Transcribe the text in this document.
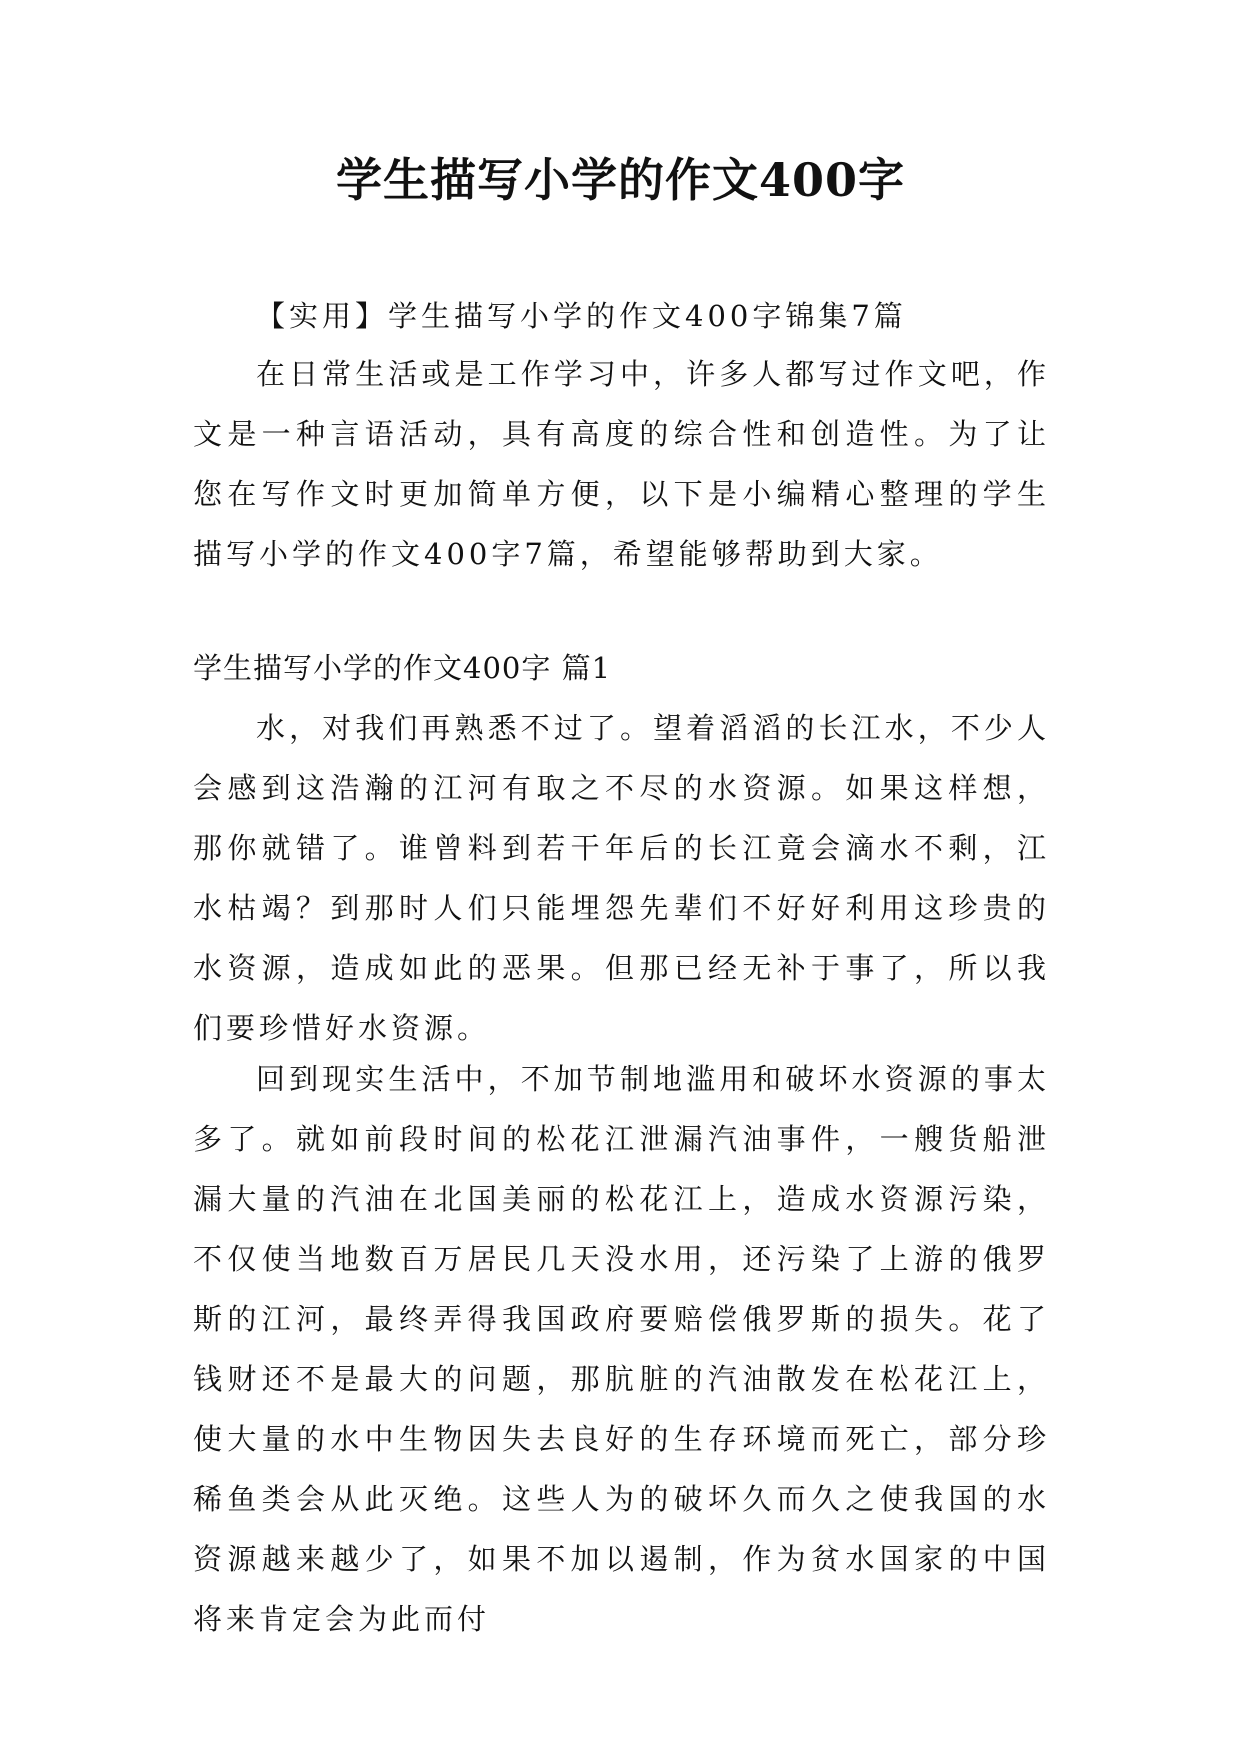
学生描写小学的作文400字

【实用】学生描写小学的作文400字锦集7篇

在日常生活或是工作学习中，许多人都写过作文吧，作文是一种言语活动，具有高度的综合性和创造性。为了让您在写作文时更加简单方便，以下是小编精心整理的学生描写小学的作文400字7篇，希望能够帮助到大家。

学生描写小学的作文400字 篇1

水，对我们再熟悉不过了。望着滔滔的长江水，不少人会感到这浩瀚的江河有取之不尽的水资源。如果这样想，那你就错了。谁曾料到若干年后的长江竟会滴水不剩，江水枯竭？到那时人们只能埋怨先辈们不好好利用这珍贵的水资源，造成如此的恶果。但那已经无补于事了，所以我们要珍惜好水资源。

回到现实生活中，不加节制地滥用和破坏水资源的事太多了。就如前段时间的松花江泄漏汽油事件，一艘货船泄漏大量的汽油在北国美丽的松花江上，造成水资源污染，不仅使当地数百万居民几天没水用，还污染了上游的俄罗斯的江河，最终弄得我国政府要赔偿俄罗斯的损失。花了钱财还不是最大的问题，那肮脏的汽油散发在松花江上，使大量的水中生物因失去良好的生存环境而死亡，部分珍稀鱼类会从此灭绝。这些人为的破坏久而久之使我国的水资源越来越少了，如果不加以遏制，作为贫水国家的中国将来肯定会为此而付
